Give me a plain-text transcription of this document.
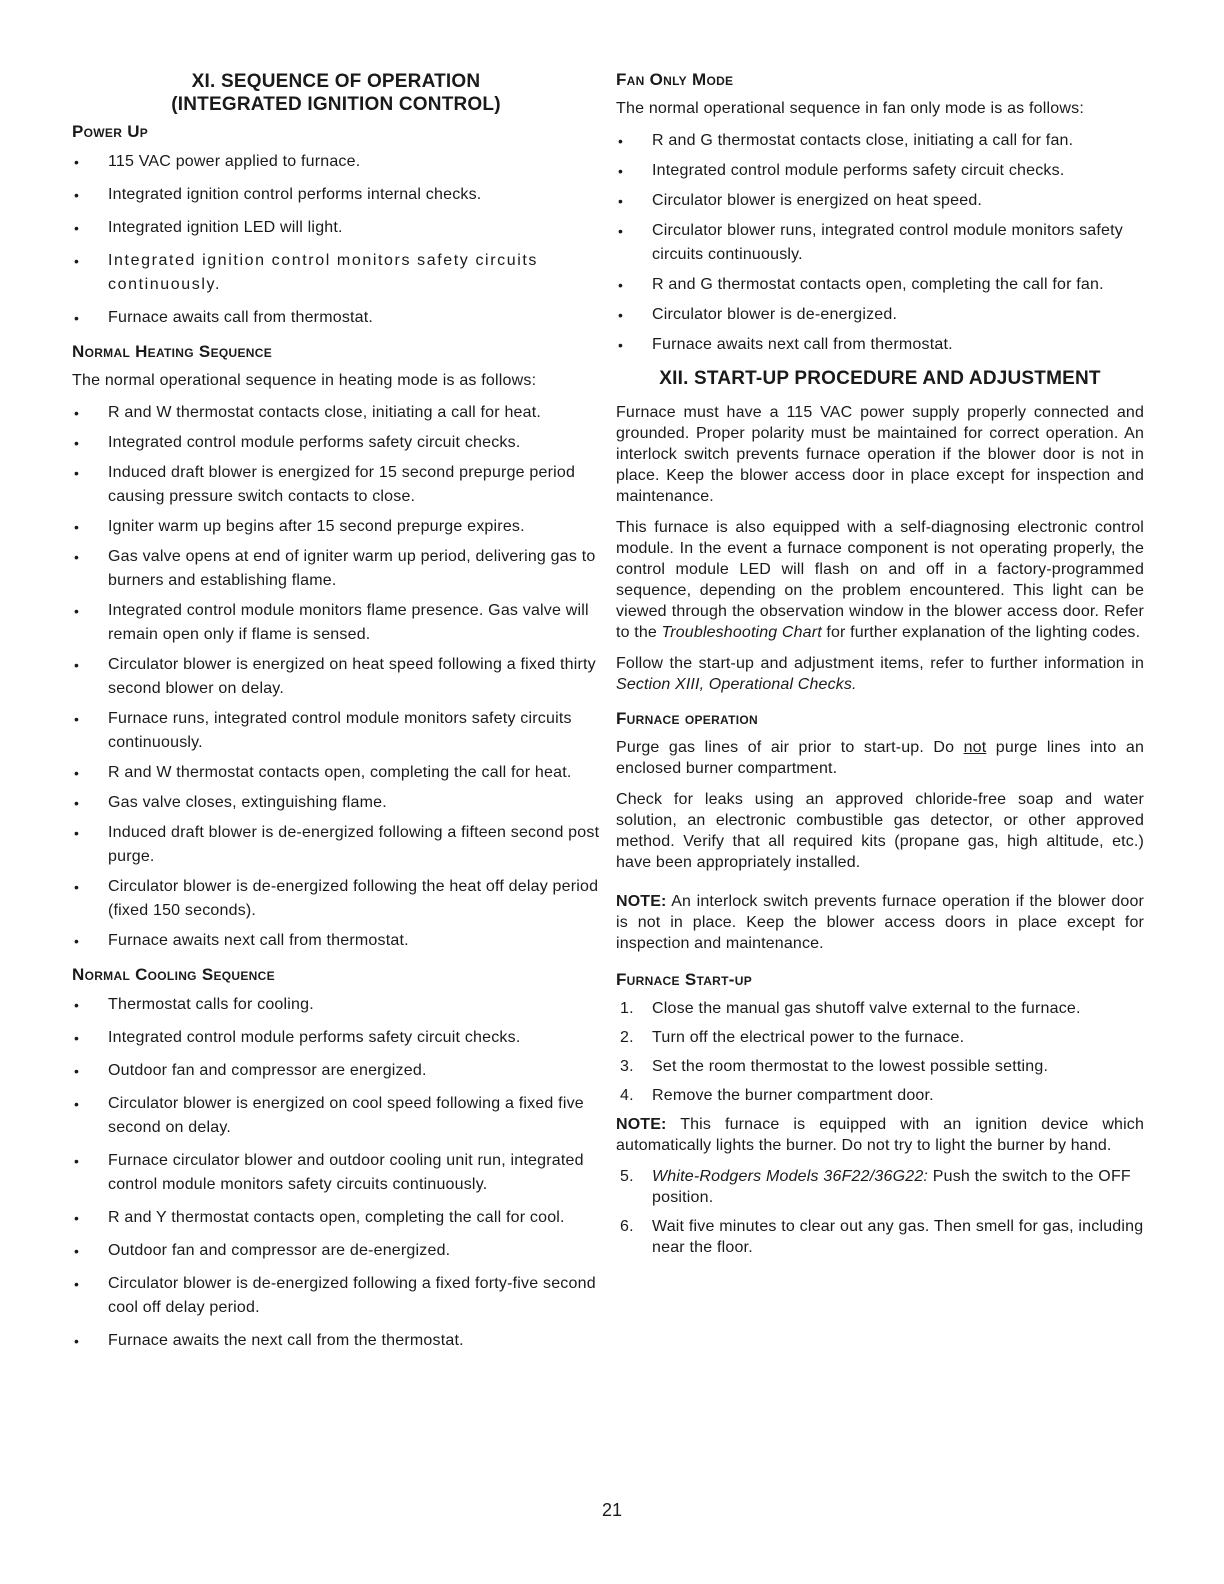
XI. SEQUENCE OF OPERATION
(INTEGRATED IGNITION CONTROL)
Power Up
• 115 VAC power applied to furnace.
• Integrated ignition control performs internal checks.
• Integrated ignition LED will light.
• Integrated ignition control monitors safety circuits continuously.
• Furnace awaits call from thermostat.
Normal Heating Sequence
The normal operational sequence in heating mode is as follows:
• R and W thermostat contacts close, initiating a call for heat.
• Integrated control module performs safety circuit checks.
• Induced draft blower is energized for 15 second prepurge period causing pressure switch contacts to close.
• Igniter warm up begins after 15 second prepurge expires.
• Gas valve opens at end of igniter warm up period, delivering gas to burners and establishing flame.
• Integrated control module monitors flame presence. Gas valve will remain open only if flame is sensed.
• Circulator blower is energized on heat speed following a fixed thirty second blower on delay.
• Furnace runs, integrated control module monitors safety circuits continuously.
• R and W thermostat contacts open, completing the call for heat.
• Gas valve closes, extinguishing flame.
• Induced draft blower is de-energized following a fifteen second post purge.
• Circulator blower is de-energized following the heat off delay period (fixed 150 seconds).
• Furnace awaits next call from thermostat.
Normal Cooling Sequence
• Thermostat calls for cooling.
• Integrated control module performs safety circuit checks.
• Outdoor fan and compressor are energized.
• Circulator blower is energized on cool speed following a fixed five second on delay.
• Furnace circulator blower and outdoor cooling unit run, integrated control module monitors safety circuits continuously.
• R and Y thermostat contacts open, completing the call for cool.
• Outdoor fan and compressor are de-energized.
• Circulator blower is de-energized following a fixed forty-five second cool off delay period.
• Furnace awaits the next call from the thermostat.
Fan Only Mode
The normal operational sequence in fan only mode is as follows:
• R and G thermostat contacts close, initiating a call for fan.
• Integrated control module performs safety circuit checks.
• Circulator blower is energized on heat speed.
• Circulator blower runs, integrated control module monitors safety circuits continuously.
• R and G thermostat contacts open, completing the call for fan.
• Circulator blower is de-energized.
• Furnace awaits next call from thermostat.
XII. START-UP PROCEDURE AND ADJUSTMENT

Furnace must have a 115 VAC power supply properly connected and grounded. Proper polarity must be maintained for correct operation. An interlock switch prevents furnace operation if the blower door is not in place. Keep the blower access door in place except for inspection and maintenance.

This furnace is also equipped with a self-diagnosing electronic control module. In the event a furnace component is not operating properly, the control module LED will flash on and off in a factory-programmed sequence, depending on the problem encountered. This light can be viewed through the observation window in the blower access door. Refer to the Troubleshooting Chart for further explanation of the lighting codes.

Follow the start-up and adjustment items, refer to further information in Section XIII, Operational Checks.

Furnace operation

Purge gas lines of air prior to start-up. Do not purge lines into an enclosed burner compartment.

Check for leaks using an approved chloride-free soap and water solution, an electronic combustible gas detector, or other approved method. Verify that all required kits (propane gas, high altitude, etc.) have been appropriately installed.

NOTE: An interlock switch prevents furnace operation if the blower door is not in place. Keep the blower access doors in place except for inspection and maintenance.

Furnace Start-up
1. Close the manual gas shutoff valve external to the furnace.
2. Turn off the electrical power to the furnace.
3. Set the room thermostat to the lowest possible setting.
4. Remove the burner compartment door.

NOTE: This furnace is equipped with an ignition device which automatically lights the burner. Do not try to light the burner by hand.

5. White-Rodgers Models 36F22/36G22: Push the switch to the OFF position.
6. Wait five minutes to clear out any gas. Then smell for gas, including near the floor.
21
